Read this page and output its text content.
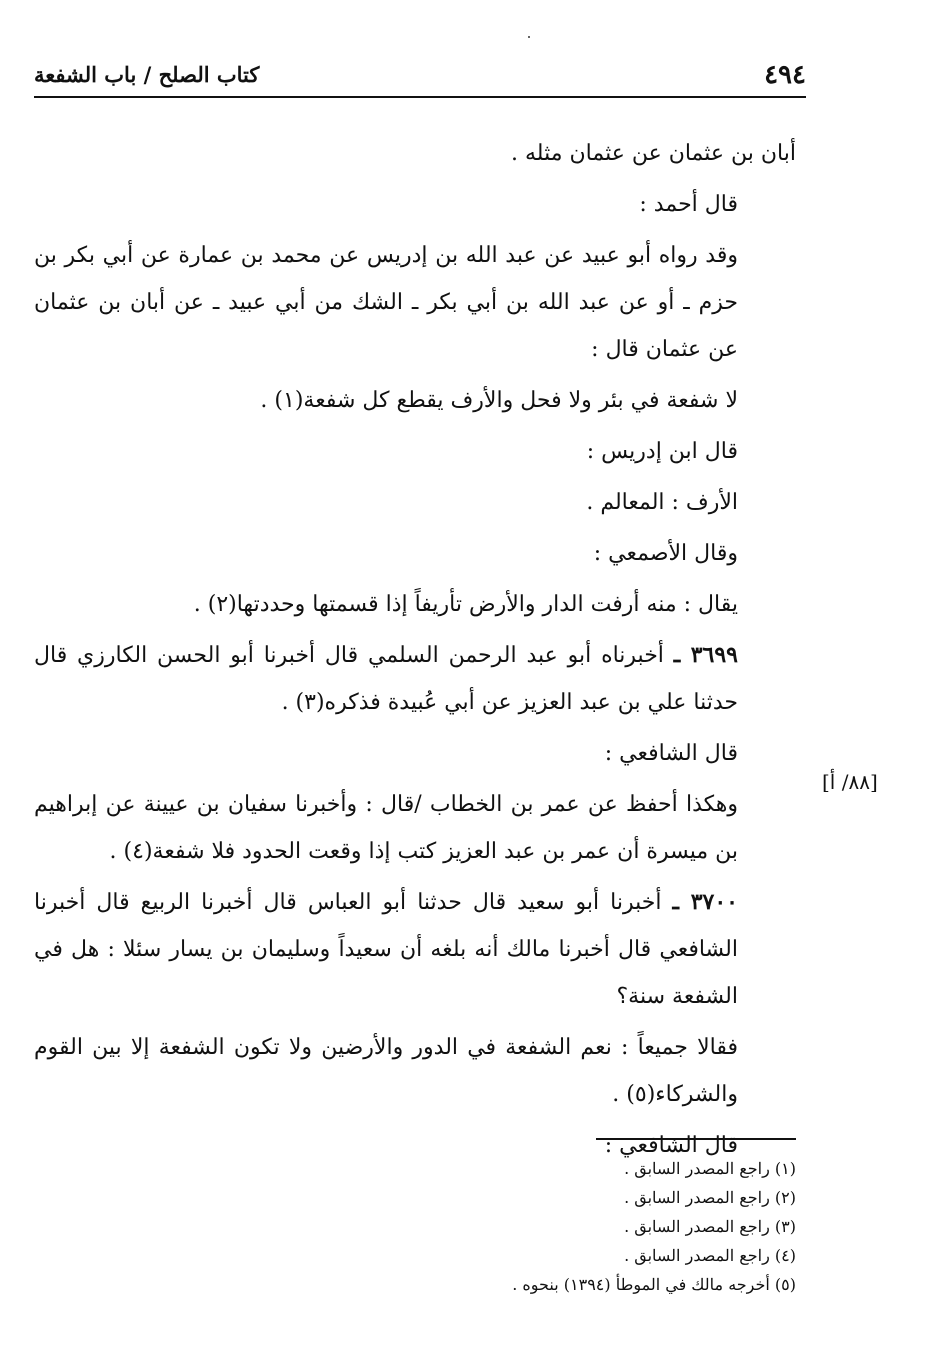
٤٩٤
كتاب الصلح / باب الشفعة

أبان بن عثمان عن عثمان مثله .

قال أحمد :

وقد رواه أبو عبيد عن عبد الله بن إدريس عن محمد بن عمارة عن أبي بكر بن حزم ـ أو عن عبد الله بن أبي بكر ـ الشك من أبي عبيد ـ عن أبان بن عثمان عن عثمان قال :

لا شفعة في بئر ولا فحل والأرف يقطع كل شفعة(١) .

قال ابن إدريس :

الأرف : المعالم .

وقال الأصمعي :

يقال : منه أرفت الدار والأرض تأريفاً إذا قسمتها وحددتها(٢) .

٣٦٩٩ ـ أخبرناه أبو عبد الرحمن السلمي قال أخبرنا أبو الحسن الكارزي قال حدثنا علي بن عبد العزيز عن أبي عُبيدة فذكره(٣) .

قال الشافعي :

وهكذا أحفظ عن عمر بن الخطاب /قال : وأخبرنا سفيان بن عيينة عن إبراهيم بن ميسرة أن عمر بن عبد العزيز كتب إذا وقعت الحدود فلا شفعة(٤) .

٣٧٠٠ ـ أخبرنا أبو سعيد قال حدثنا أبو العباس قال أخبرنا الربيع قال أخبرنا الشافعي قال أخبرنا مالك أنه بلغه أن سعيداً وسليمان بن يسار سئلا : هل في الشفعة سنة؟

فقالا جميعاً : نعم الشفعة في الدور والأرضين ولا تكون الشفعة إلا بين القوم والشركاء(٥) .

قال الشافعي :

[٨٨/ أ]
(١) راجع المصدر السابق .
(٢) راجع المصدر السابق .
(٣) راجع المصدر السابق .
(٤) راجع المصدر السابق .
(٥) أخرجه مالك في الموطأ (١٣٩٤) بنحوه .
